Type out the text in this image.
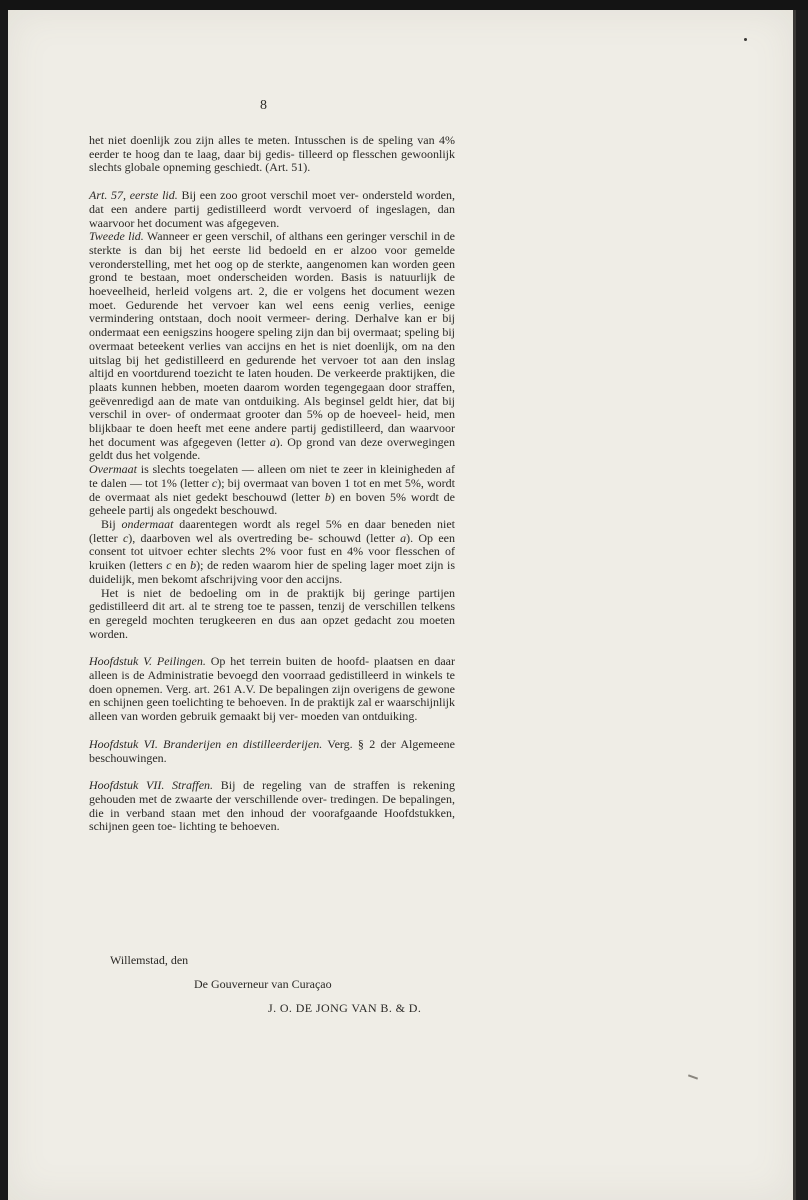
8

het niet doenlijk zou zijn alles te meten. Intusschen is de speling van 4% eerder te hoog dan te laag, daar bij gedis- tilleerd op flesschen gewoonlijk slechts globale opneming geschiedt. (Art. 51).

Art. 57, eerste lid. Bij een zoo groot verschil moet ver- ondersteld worden, dat een andere partij gedistilleerd wordt vervoerd of ingeslagen, dan waarvoor het document was afgegeven.

Tweede lid. Wanneer er geen verschil, of althans een geringer verschil in de sterkte is dan bij het eerste lid bedoeld en er alzoo voor gemelde veronderstelling, met het oog op de sterkte, aangenomen kan worden geen grond te bestaan, moet onderscheiden worden. Basis is natuurlijk de hoeveelheid, herleid volgens art. 2, die er volgens het document wezen moet. Gedurende het vervoer kan wel eens eenig verlies, eenige vermindering ontstaan, doch nooit vermeer- dering. Derhalve kan er bij ondermaat een eenigszins hoogere speling zijn dan bij overmaat; speling bij overmaat beteekent verlies van accijns en het is niet doenlijk, om na den uitslag bij het gedistilleerd en gedurende het vervoer tot aan den inslag altijd en voortdurend toezicht te laten houden. De verkeerde praktijken, die plaats kunnen hebben, moeten daarom worden tegengegaan door straffen, geëvenredigd aan de mate van ontduiking. Als beginsel geldt hier, dat bij verschil in over- of ondermaat grooter dan 5% op de hoeveel- heid, men blijkbaar te doen heeft met eene andere partij gedistilleerd, dan waarvoor het document was afgegeven (letter a). Op grond van deze overwegingen geldt dus het volgende.

Overmaat is slechts toegelaten — alleen om niet te zeer in kleinigheden af te dalen — tot 1% (letter c); bij overmaat van boven 1 tot en met 5%, wordt de overmaat als niet gedekt beschouwd (letter b) en boven 5% wordt de geheele partij als ongedekt beschouwd.

Bij ondermaat daarentegen wordt als regel 5% en daar beneden niet (letter c), daarboven wel als overtreding be- schouwd (letter a). Op een consent tot uitvoer echter slechts 2% voor fust en 4% voor flesschen of kruiken (letters c en b); de reden waarom hier de speling lager moet zijn is duidelijk, men bekomt afschrijving voor den accijns.

Het is niet de bedoeling om in de praktijk bij geringe partijen gedistilleerd dit art. al te streng toe te passen, tenzij de verschillen telkens en geregeld mochten terugkeeren en dus aan opzet gedacht zou moeten worden.

Hoofdstuk V. Peilingen. Op het terrein buiten de hoofd- plaatsen en daar alleen is de Administratie bevoegd den voorraad gedistilleerd in winkels te doen opnemen. Verg. art. 261 A.V. De bepalingen zijn overigens de gewone en schijnen geen toelichting te behoeven. In de praktijk zal er waarschijnlijk alleen van worden gebruik gemaakt bij ver- moeden van ontduiking.

Hoofdstuk VI. Branderijen en distilleerderijen. Verg. § 2 der Algemeene beschouwingen.

Hoofdstuk VII. Straffen. Bij de regeling van de straffen is rekening gehouden met de zwaarte der verschillende over- tredingen. De bepalingen, die in verband staan met den inhoud der voorafgaande Hoofdstukken, schijnen geen toe- lichting te behoeven.

Willemstad, den
De Gouverneur van Curaçao
J. O. DE JONG VAN B. & D.
